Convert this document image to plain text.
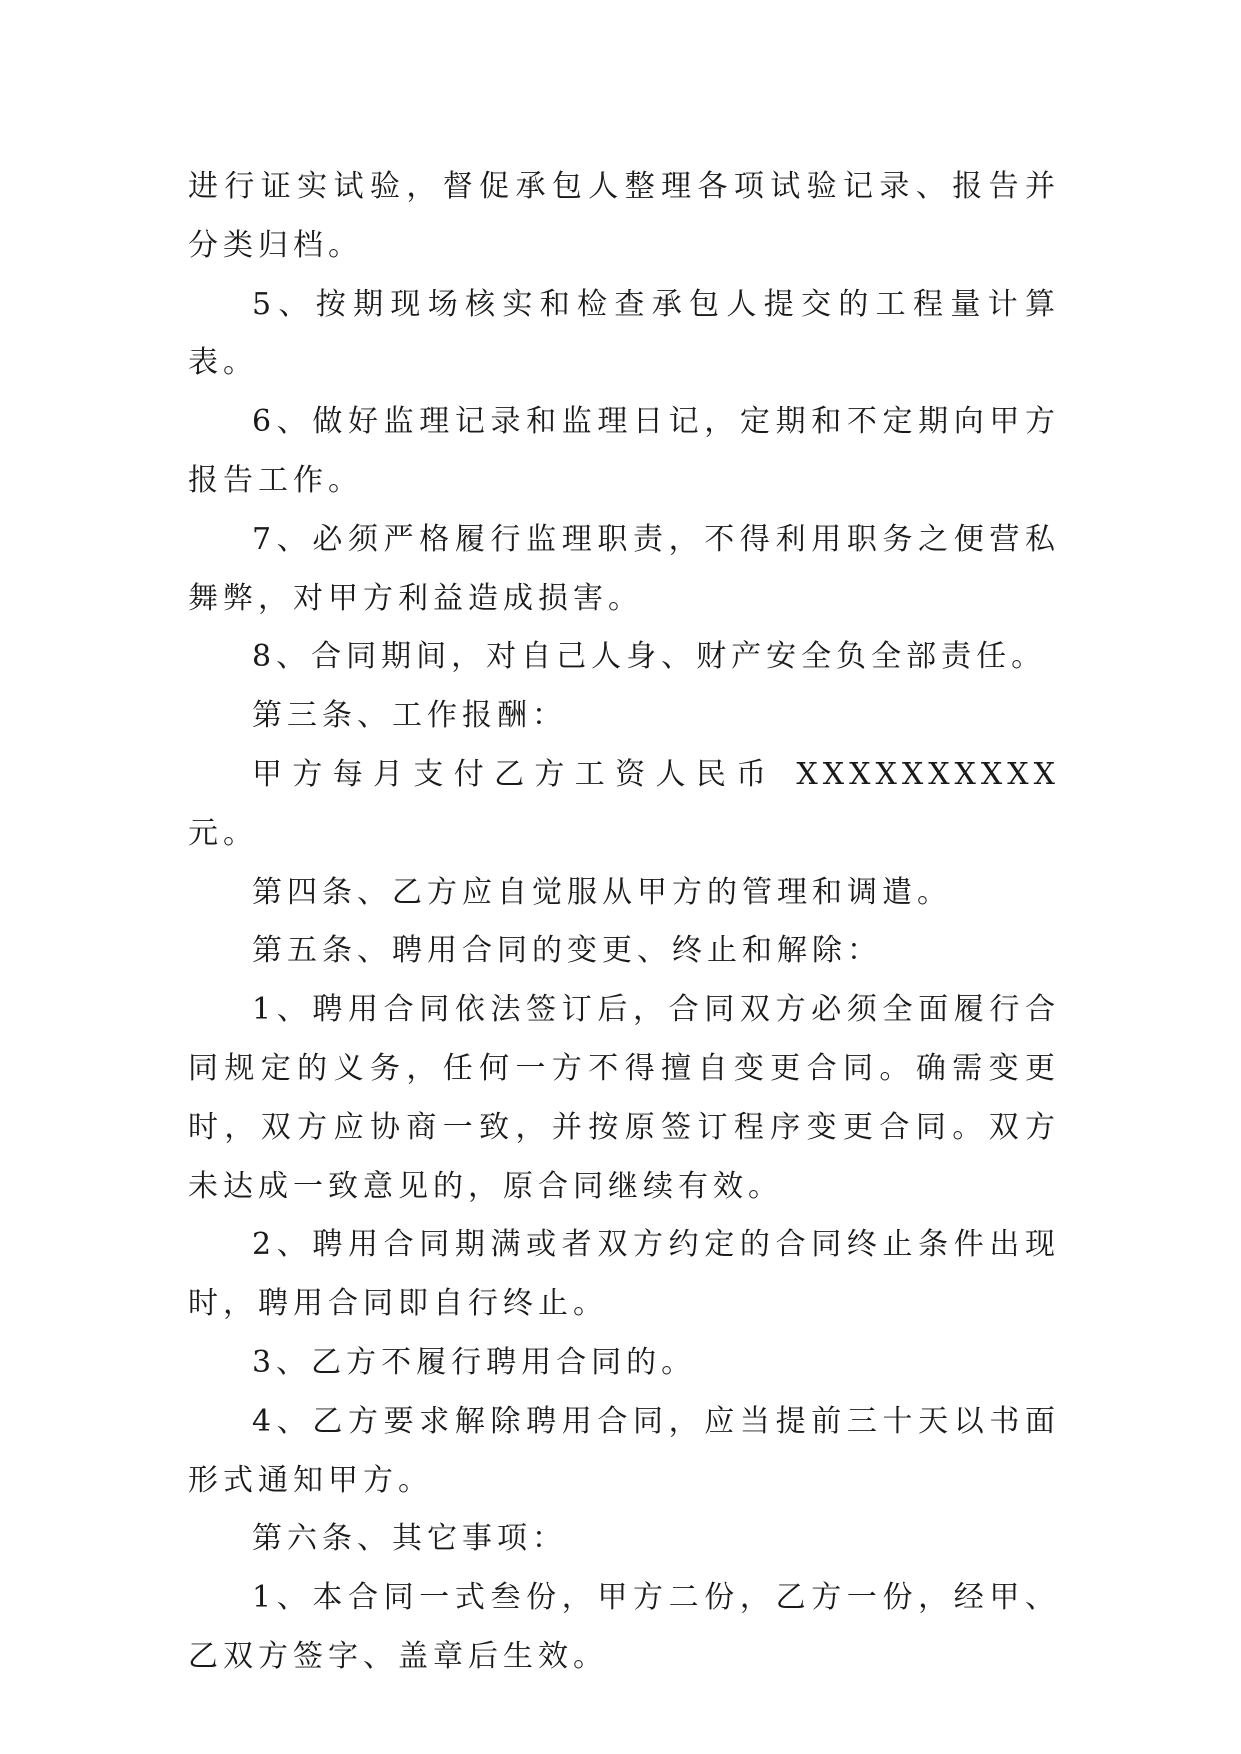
进行证实试验，督促承包人整理各项试验记录、报告并分类归档。

5、按期现场核实和检查承包人提交的工程量计算表。

6、做好监理记录和监理日记，定期和不定期向甲方报告工作。

7、必须严格履行监理职责，不得利用职务之便营私舞弊，对甲方利益造成损害。

8、合同期间，对自己人身、财产安全负全部责任。

第三条、工作报酬：

甲方每月支付乙方工资人民币 XXXXXXXXXX 元。

第四条、乙方应自觉服从甲方的管理和调遣。

第五条、聘用合同的变更、终止和解除：

1、聘用合同依法签订后，合同双方必须全面履行合同规定的义务，任何一方不得擅自变更合同。确需变更时，双方应协商一致，并按原签订程序变更合同。双方未达成一致意见的，原合同继续有效。

2、聘用合同期满或者双方约定的合同终止条件出现时，聘用合同即自行终止。

3、乙方不履行聘用合同的。

4、乙方要求解除聘用合同，应当提前三十天以书面形式通知甲方。

第六条、其它事项：

1、本合同一式叁份，甲方二份，乙方一份，经甲、乙双方签字、盖章后生效。
